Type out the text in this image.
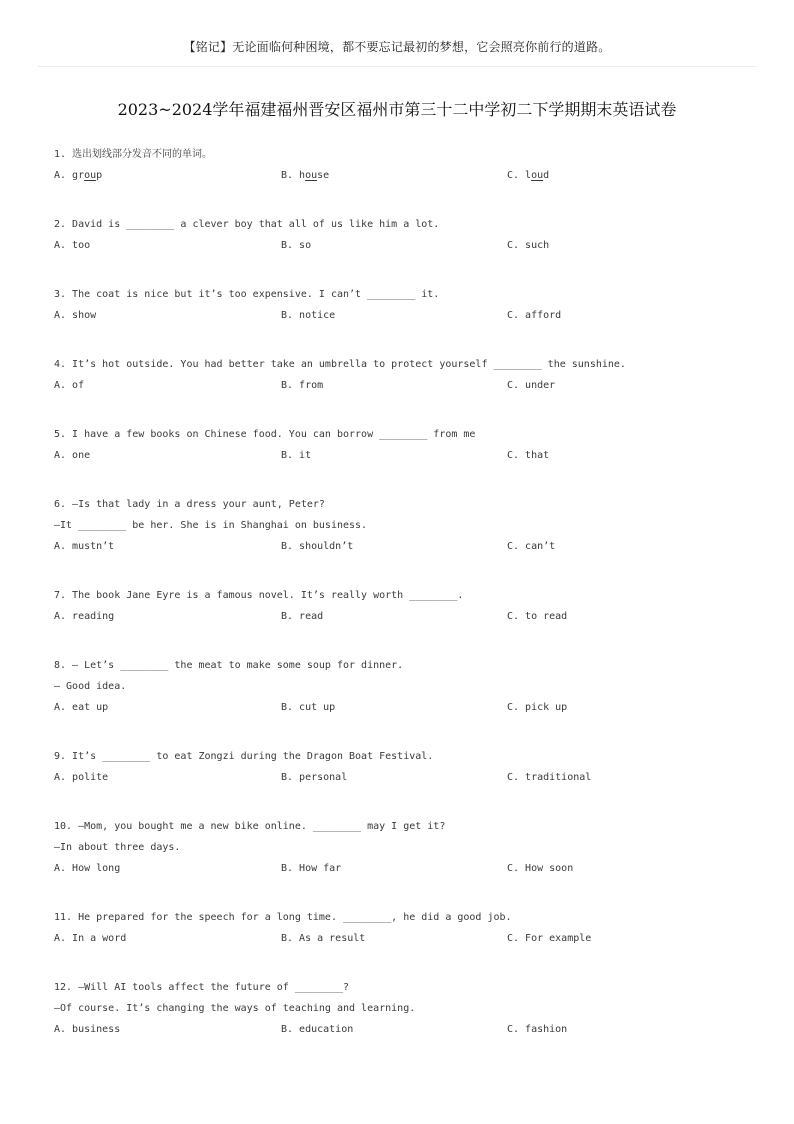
【铭记】无论面临何种困境，都不要忘记最初的梦想，它会照亮你前行的道路。
2023~2024学年福建福州晋安区福州市第三十二中学初二下学期期末英语试卷
1. 选出划线部分发音不同的单词。
A. group	B. house	C. loud
2. David is ________ a clever boy that all of us like him a lot.
A. too	B. so	C. such
3. The coat is nice but it’s too expensive. I can’t ________ it.
A. show	B. notice	C. afford
4. It’s hot outside. You had better take an umbrella to protect yourself ________ the sunshine.
A. of	B. from	C. under
5. I have a few books on Chinese food. You can borrow ________ from me
A. one	B. it	C. that
6. —Is that lady in a dress your aunt, Peter?
—It ________ be her. She is in Shanghai on business.
A. mustn’t	B. shouldn’t	C. can’t
7. The book Jane Eyre is a famous novel. It’s really worth ________.
A. reading	B. read	C. to read
8. — Let’s ________ the meat to make some soup for dinner.
— Good idea.
A. eat up	B. cut up	C. pick up
9. It’s ________ to eat Zongzi during the Dragon Boat Festival.
A. polite	B. personal	C. traditional
10. —Mom, you bought me a new bike online. ________ may I get it?
—In about three days.
A. How long	B. How far	C. How soon
11. He prepared for the speech for a long time. ________, he did a good job.
A. In a word	B. As a result	C. For example
12. —Will AI tools affect the future of ________?
—Of course. It’s changing the ways of teaching and learning.
A. business	B. education	C. fashion
